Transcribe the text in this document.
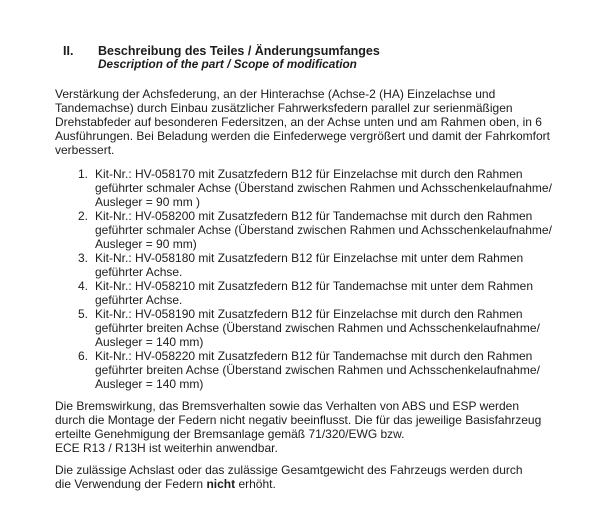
II.	Beschreibung des Teiles / Änderungsumfanges
Description of the part / Scope of modification
Verstärkung der Achsfederung, an der Hinterachse (Achse-2 (HA) Einzelachse und
Tandemachse) durch Einbau zusätzlicher Fahrwerksfedern parallel zur serienmäßigen
Drehstabfeder auf besonderen Federsitzen, an der Achse unten und am Rahmen oben, in 6
Ausführungen. Bei Beladung werden die Einfederwege vergrößert und damit der Fahrkomfort
verbessert.
1. Kit-Nr.: HV-058170 mit Zusatzfedern B12 für Einzelachse mit durch den Rahmen
geführter schmaler Achse (Überstand zwischen Rahmen und Achsschenkelaufnahme/
Ausleger = 90 mm )
2. Kit-Nr.: HV-058200 mit Zusatzfedern B12 für Tandemachse mit durch den Rahmen
geführter schmaler Achse (Überstand zwischen Rahmen und Achsschenkelaufnahme/
Ausleger = 90 mm)
3. Kit-Nr.: HV-058180 mit Zusatzfedern B12 für Einzelachse mit unter dem Rahmen
geführter Achse.
4. Kit-Nr.: HV-058210 mit Zusatzfedern B12 für Tandemachse mit unter dem Rahmen
geführter Achse.
5. Kit-Nr.: HV-058190 mit Zusatzfedern B12 für Einzelachse mit durch den Rahmen
geführter breiten Achse (Überstand zwischen Rahmen und Achsschenkelaufnahme/
Ausleger = 140 mm)
6. Kit-Nr.: HV-058220 mit Zusatzfedern B12 für Tandemachse mit durch den Rahmen
geführter breiten Achse (Überstand zwischen Rahmen und Achsschenkelaufnahme/
Ausleger = 140 mm)
Die Bremswirkung, das Bremsverhalten sowie das Verhalten von ABS und ESP werden
durch die Montage der Federn nicht negativ beeinflusst. Die für das jeweilige Basisfahrzeug
erteilte Genehmigung der Bremsanlage gemäß 71/320/EWG bzw.
ECE R13 / R13H ist weiterhin anwendbar.
Die zulässige Achslast oder das zulässige Gesamtgewicht des Fahrzeugs werden durch
die Verwendung der Federn nicht erhöht.
